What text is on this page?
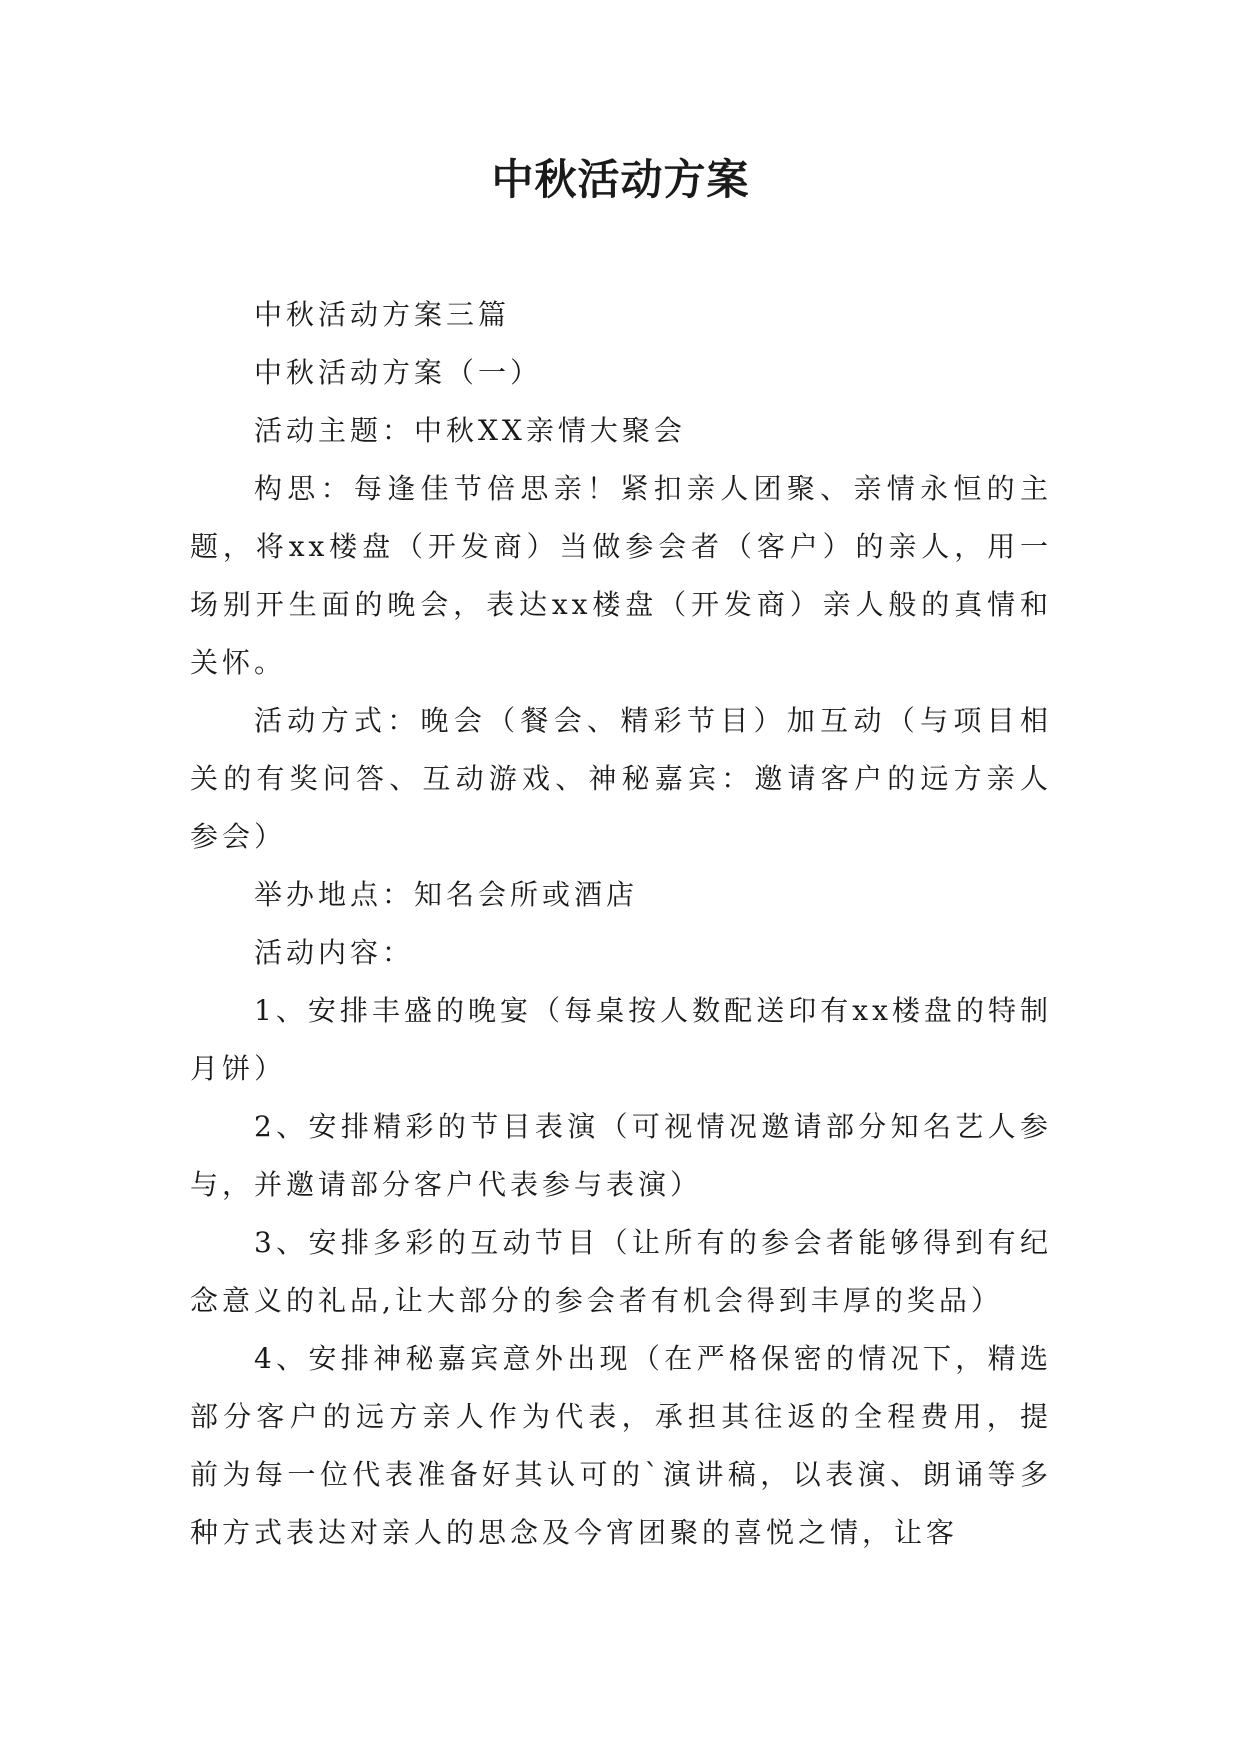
中秋活动方案

中秋活动方案三篇

中秋活动方案（一）

活动主题：中秋XX亲情大聚会

构思：每逢佳节倍思亲！紧扣亲人团聚、亲情永恒的主题，将xx楼盘（开发商）当做参会者（客户）的亲人，用一场别开生面的晚会，表达xx楼盘（开发商）亲人般的真情和关怀。

活动方式：晚会（餐会、精彩节目）加互动（与项目相关的有奖问答、互动游戏、神秘嘉宾：邀请客户的远方亲人参会）

举办地点：知名会所或酒店

活动内容：

1、安排丰盛的晚宴（每桌按人数配送印有xx楼盘的特制月饼）

2、安排精彩的节目表演（可视情况邀请部分知名艺人参与，并邀请部分客户代表参与表演）

3、安排多彩的互动节目（让所有的参会者能够得到有纪念意义的礼品,让大部分的参会者有机会得到丰厚的奖品）

4、安排神秘嘉宾意外出现（在严格保密的情况下，精选部分客户的远方亲人作为代表，承担其往返的全程费用，提前为每一位代表准备好其认可的`演讲稿，以表演、朗诵等多种方式表达对亲人的思念及今宵团聚的喜悦之情，让客
